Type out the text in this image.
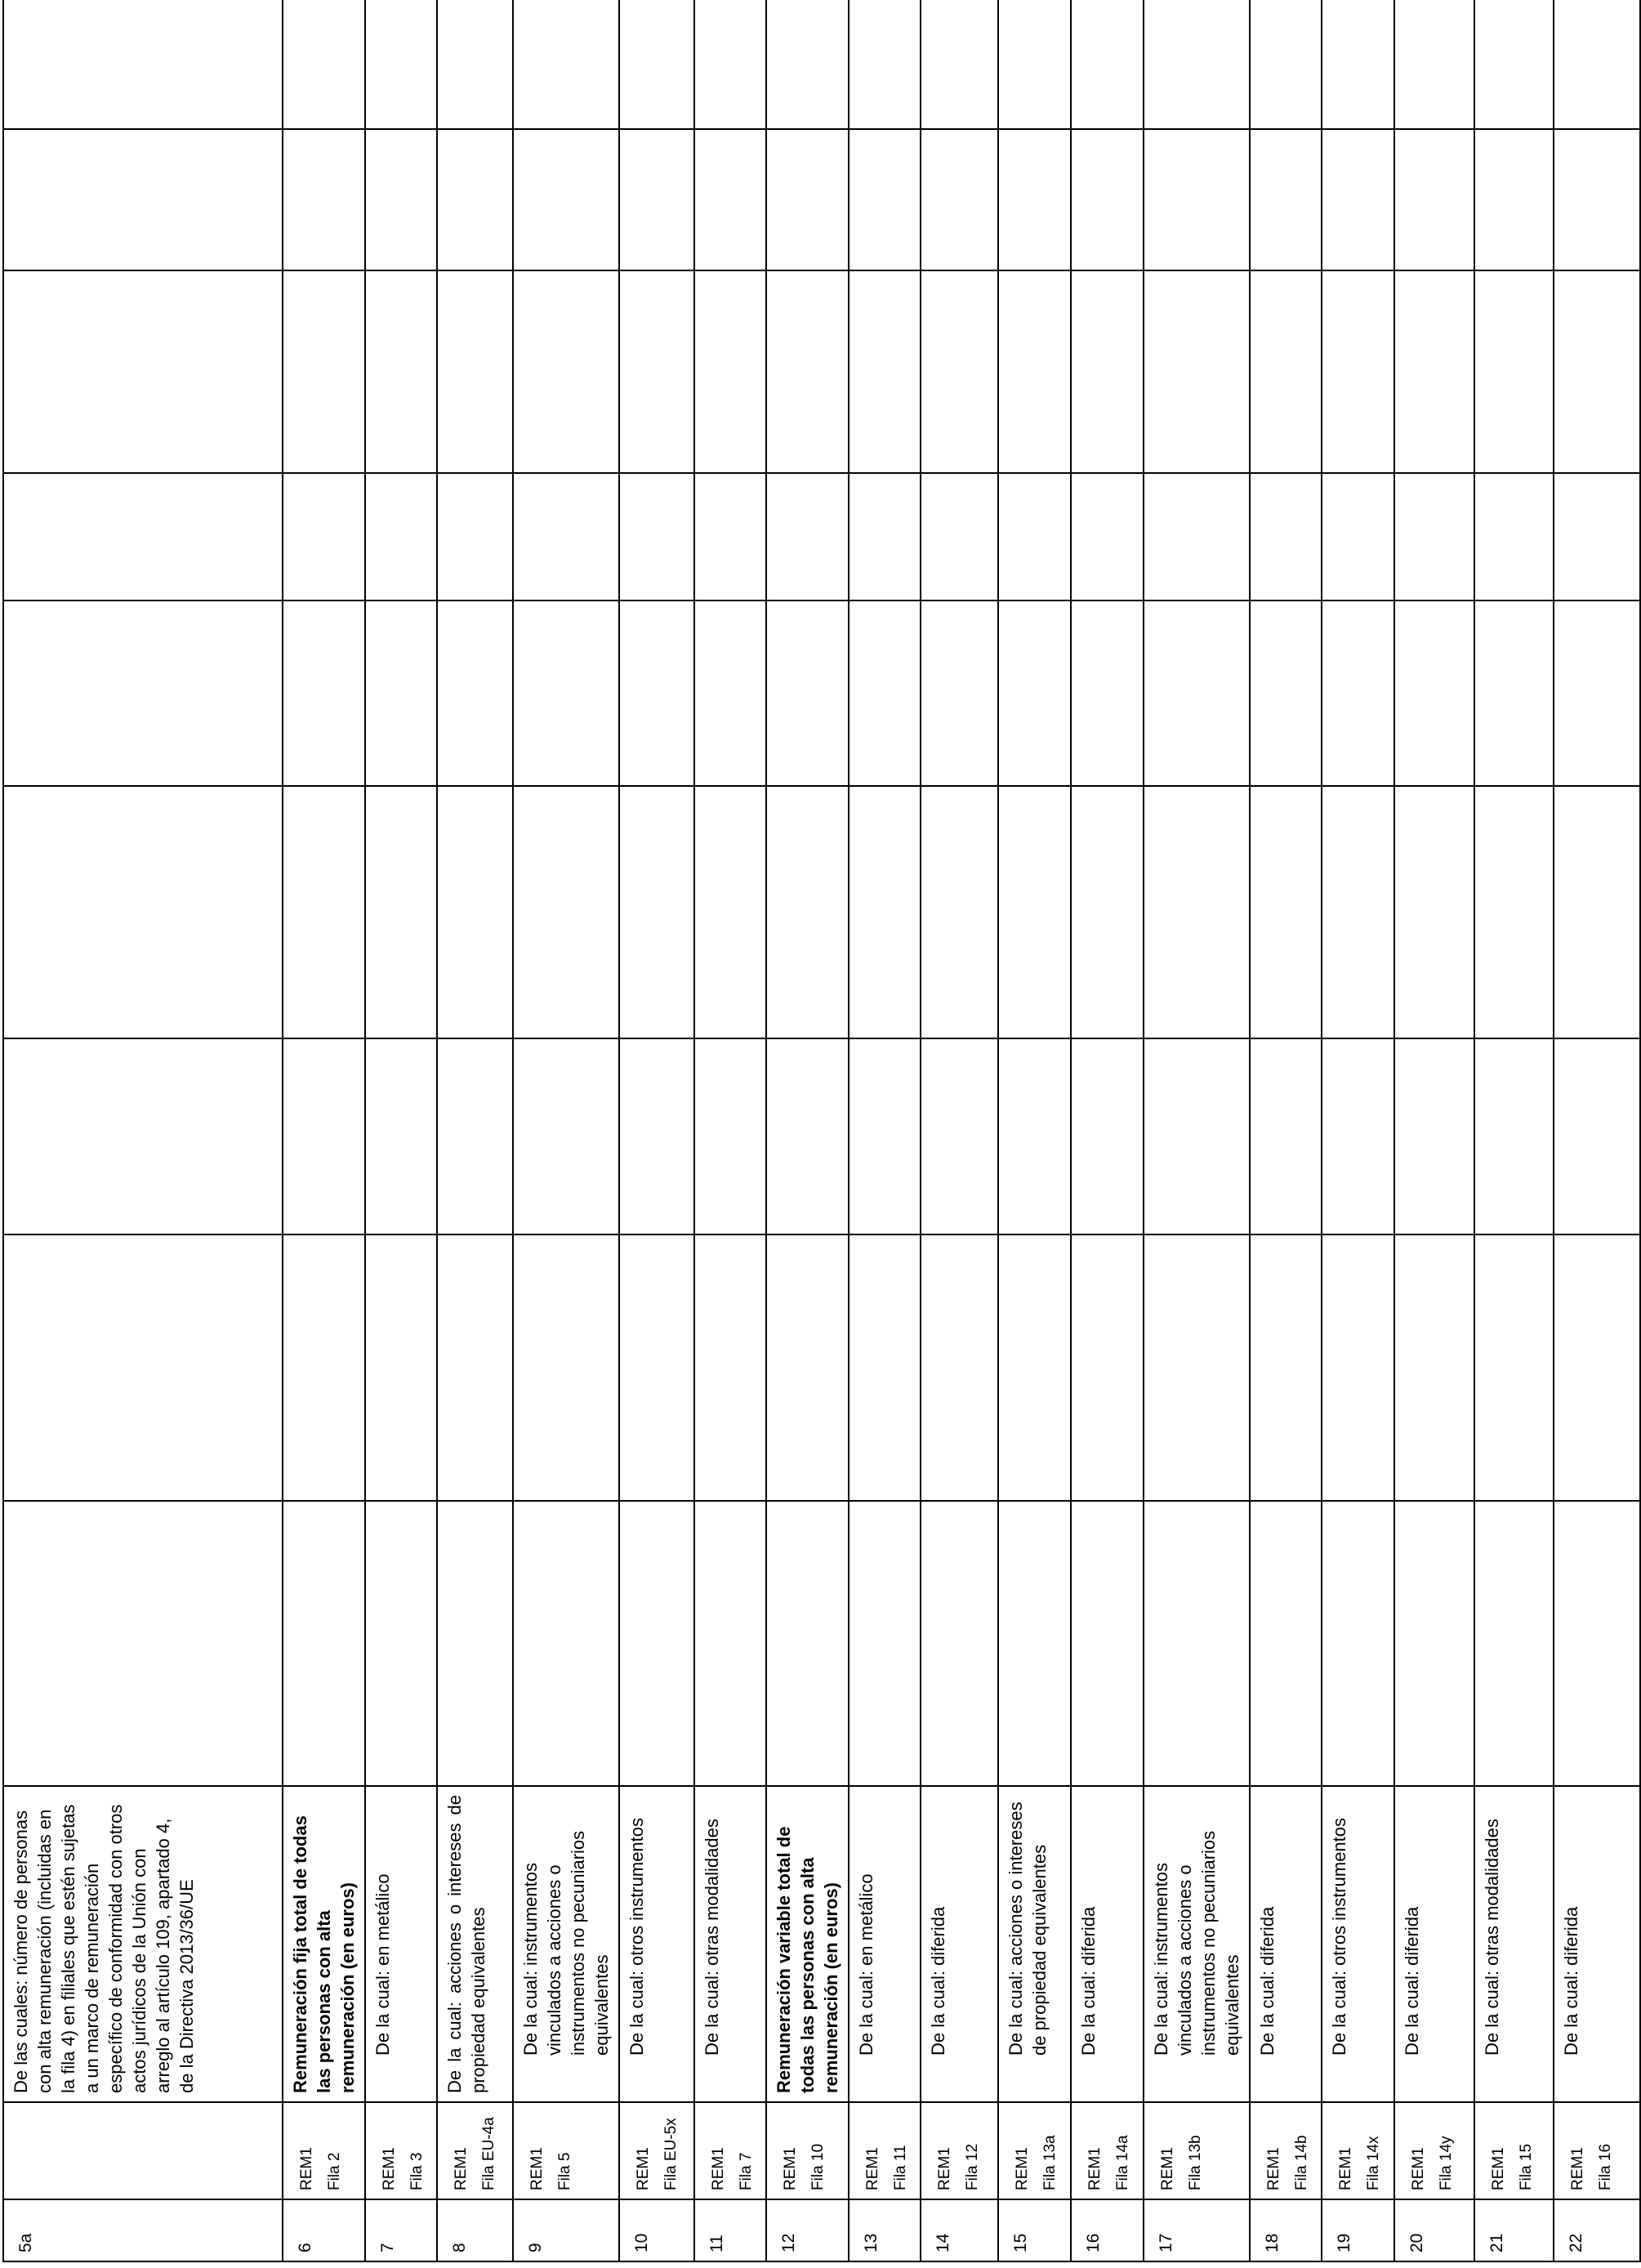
5a		De las cuales: número de personas con alta remuneración (incluidas en la fila 4) en filiales que estén sujetas a un marco de remuneración específico de conformidad con otros actos jurídicos de la Unión con arreglo al artículo 109, apartado 4, de la Directiva 2013/36/UE										
6	REM1 Fila 2	Remuneración fija total de todas las personas con alta remuneración (en euros)										
7	REM1 Fila 3	De la cual: en metálico										
8	REM1 Fila EU-4a	De la cual: acciones o intereses de propiedad equivalentes										
9	REM1 Fila 5	De la cual: instrumentos vinculados a acciones o instrumentos no pecuniarios equivalentes										
10	REM1 Fila EU-5x	De la cual: otros instrumentos										
11	REM1 Fila 7	De la cual: otras modalidades										
12	REM1 Fila 10	Remuneración variable total de todas las personas con alta remuneración (en euros)										
13	REM1 Fila 11	De la cual: en metálico										
14	REM1 Fila 12	De la cual: diferida										
15	REM1 Fila 13a	De la cual: acciones o intereses de propiedad equivalentes										
16	REM1 Fila 14a	De la cual: diferida										
17	REM1 Fila 13b	De la cual: instrumentos vinculados a acciones o instrumentos no pecuniarios equivalentes										
18	REM1 Fila 14b	De la cual: diferida										
19	REM1 Fila 14x	De la cual: otros instrumentos										
20	REM1 Fila 14y	De la cual: diferida										
21	REM1 Fila 15	De la cual: otras modalidades										
22	REM1 Fila 16	De la cual: diferida										
